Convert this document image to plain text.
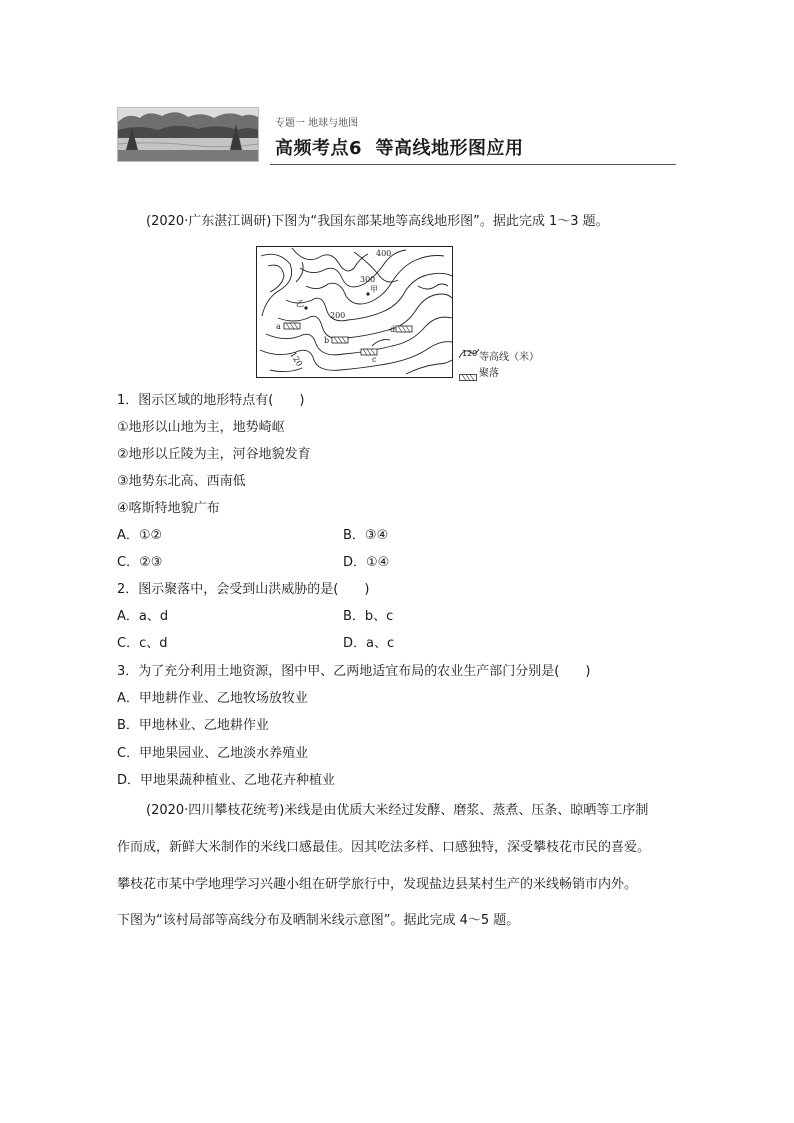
专题一 地球与地图
高频考点6  等高线地形图应用
(2020·广东湛江调研)下图为“我国东部某地等高线地形图”。据此完成 1～3 题。
400
300
200
120
甲
乙
a
b
c
d
120 等高线（米）
聚落
1．图示区域的地形特点有(　　)
①地形以山地为主，地势崎岖
②地形以丘陵为主，河谷地貌发育
③地势东北高、西南低
④喀斯特地貌广布
A．①②	B．③④
C．②③	D．①④
2．图示聚落中，会受到山洪威胁的是(　　)
A．a、d	B．b、c
C．c、d	D．a、c
3．为了充分利用土地资源，图中甲、乙两地适宜布局的农业生产部门分别是(　　)
A．甲地耕作业、乙地牧场放牧业
B．甲地林业、乙地耕作业
C．甲地果园业、乙地淡水养殖业
D．甲地果蔬种植业、乙地花卉种植业
(2020·四川攀枝花统考)米线是由优质大米经过发酵、磨浆、蒸煮、压条、晾晒等工序制
作而成，新鲜大米制作的米线口感最佳。因其吃法多样、口感独特，深受攀枝花市民的喜爱。
攀枝花市某中学地理学习兴趣小组在研学旅行中，发现盐边县某村生产的米线畅销市内外。
下图为“该村局部等高线分布及晒制米线示意图”。据此完成 4～5 题。
